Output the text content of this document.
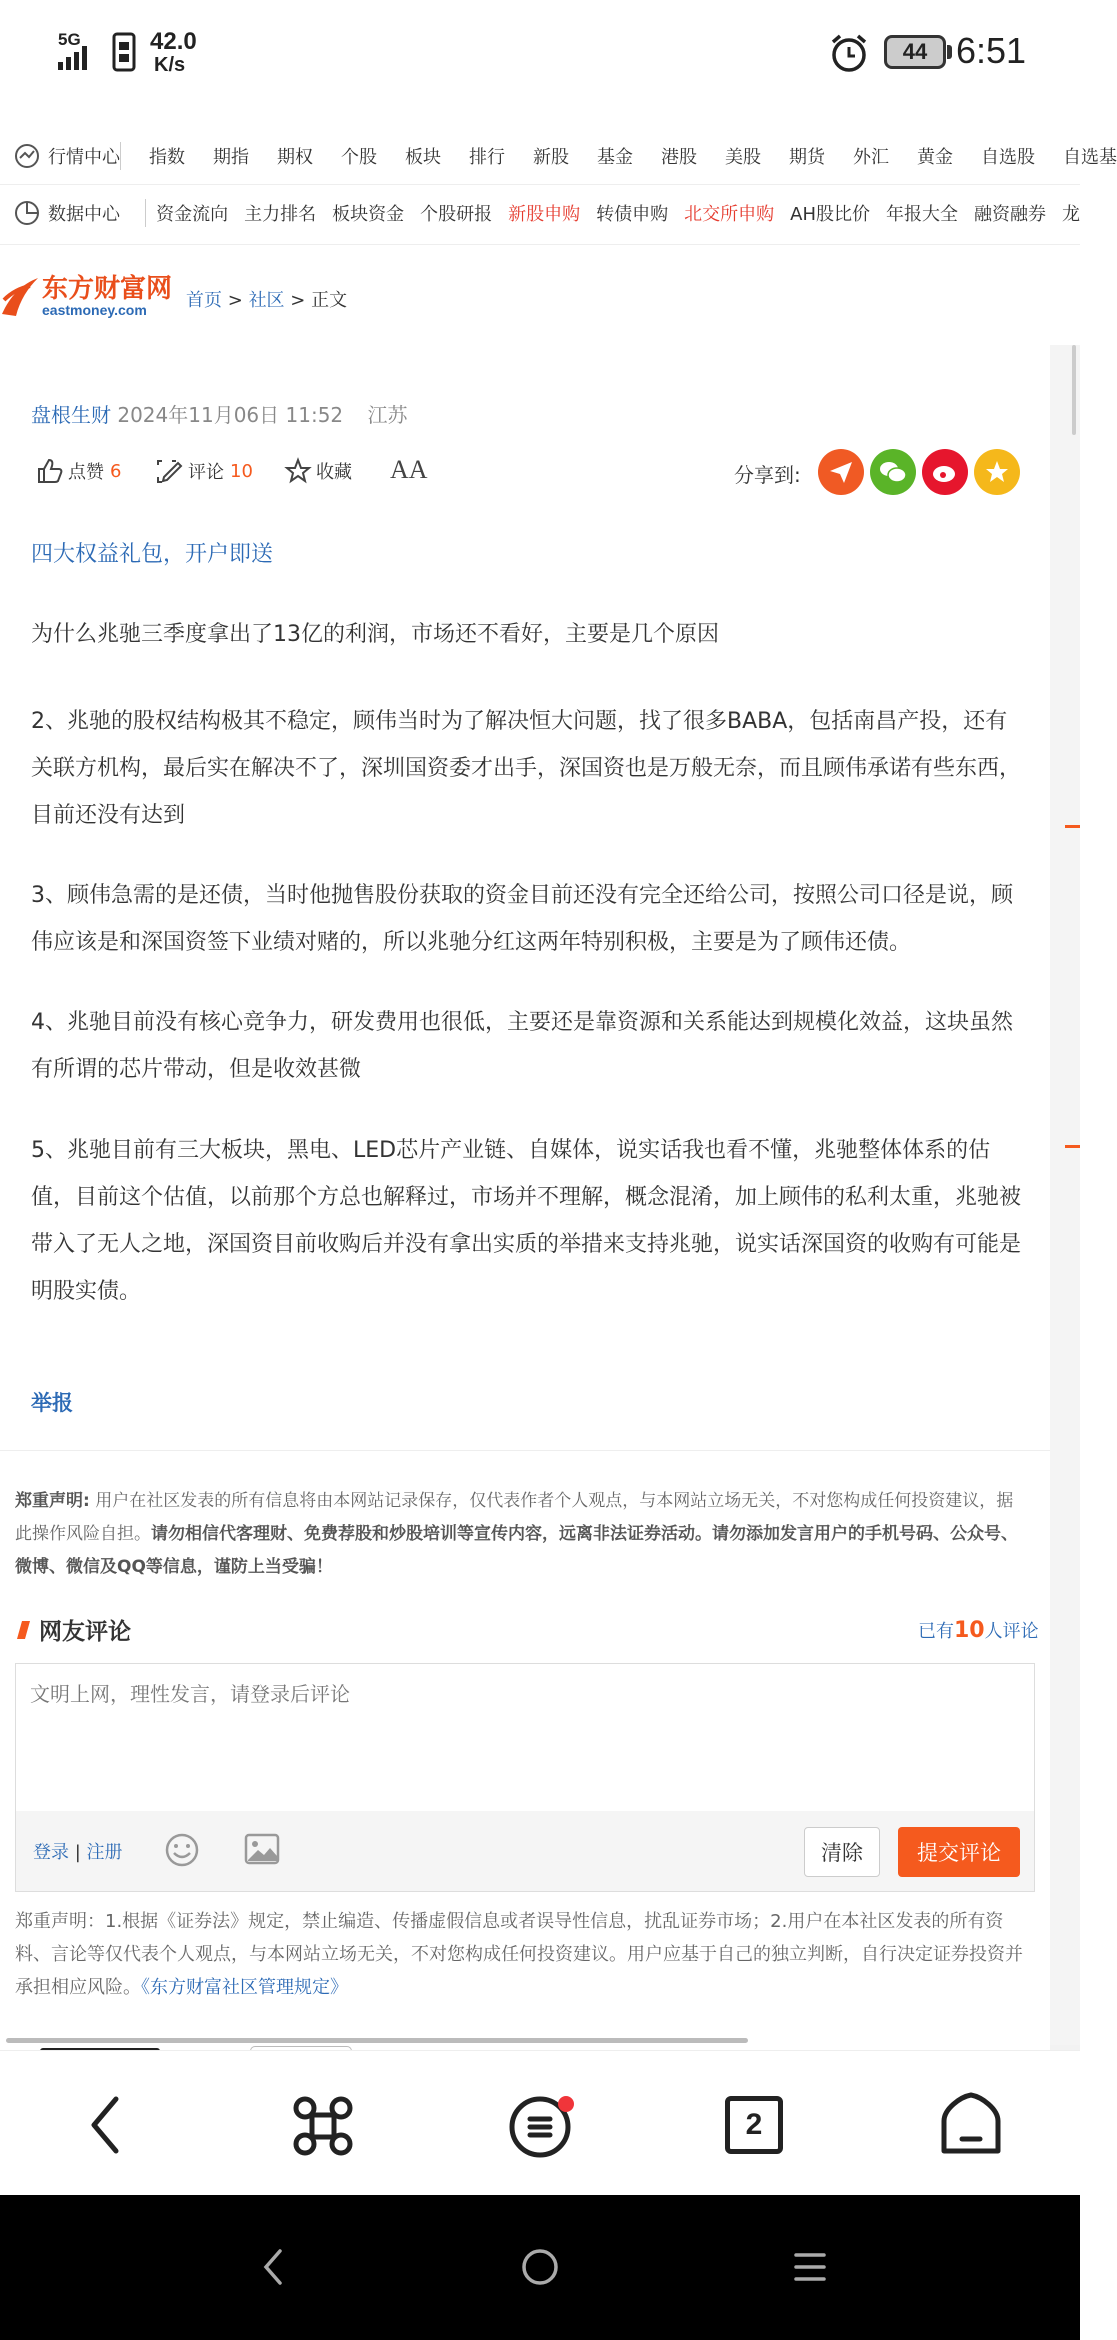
5G	42.0
K/s
44 6:51
行情中心 指数 期指 期权 个股 板块 排行 新股 基金 港股 美股 期货 外汇 黄金 自选股 自选基
数据中心 资金流向 主力排名 板块资金 个股研报 新股申购 转债申购 北交所申购 AH股比价 年报大全 融资融券 龙
东方财富网
eastmoney.com	首页 > 社区 > 正文
盘根生财 2024年11月06日 11:52 江苏
点赞 6	评论 10	收藏 AA	分享到:
四大权益礼包，开户即送
为什么兆驰三季度拿出了13亿的利润，市场还不看好，主要是几个原因
2、兆驰的股权结构极其不稳定，顾伟当时为了解决恒大问题，找了很多BABA，包括南昌产投，还有关联方机构，最后实在解决不了，深圳国资委才出手，深国资也是万般无奈，而且顾伟承诺有些东西，目前还没有达到
3、顾伟急需的是还债，当时他抛售股份获取的资金目前还没有完全还给公司，按照公司口径是说，顾伟应该是和深国资签下业绩对赌的，所以兆驰分红这两年特别积极，主要是为了顾伟还债。
4、兆驰目前没有核心竞争力，研发费用也很低，主要还是靠资源和关系能达到规模化效益，这块虽然有所谓的芯片带动，但是收效甚微
5、兆驰目前有三大板块，黑电、LED芯片产业链、自媒体，说实话我也看不懂，兆驰整体体系的估值，目前这个估值，以前那个方总也解释过，市场并不理解，概念混淆，加上顾伟的私利太重，兆驰被带入了无人之地，深国资目前收购后并没有拿出实质的举措来支持兆驰，说实话深国资的收购有可能是明股实债。
举报
郑重声明: 用户在社区发表的所有信息将由本网站记录保存，仅代表作者个人观点，与本网站立场无关，不对您构成任何投资建议，据此操作风险自担。请勿相信代客理财、免费荐股和炒股培训等宣传内容，远离非法证券活动。请勿添加发言用户的手机号码、公众号、微博、微信及QQ等信息，谨防上当受骗！
网友评论	已有10人评论
文明上网，理性发言，请登录后评论
登录 | 注册	清除	提交评论
郑重声明：1.根据《证券法》规定，禁止编造、传播虚假信息或者误导性信息，扰乱证券市场；2.用户在本社区发表的所有资料、言论等仅代表个人观点，与本网站立场无关，不对您构成任何投资建议。用户应基于自己的独立判断，自行决定证券投资并承担相应风险。《东方财富社区管理规定》
2
